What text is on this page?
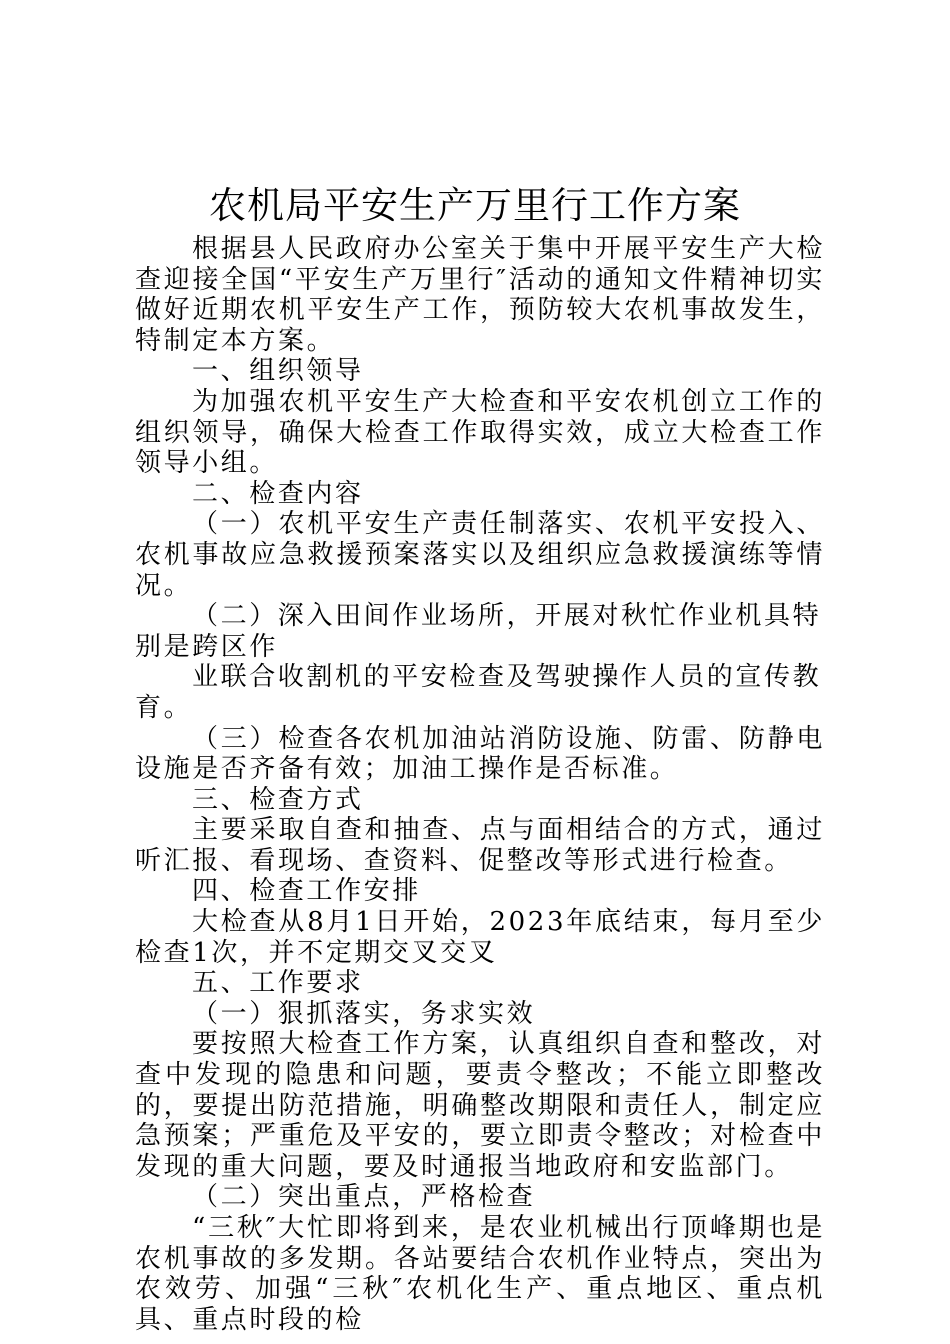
农机局平安生产万里行工作方案

根据县人民政府办公室关于集中开展平安生产大检查迎接全国“平安生产万里行″活动的通知文件精神切实做好近期农机平安生产工作，预防较大农机事故发生，特制定本方案。

一、组织领导

为加强农机平安生产大检查和平安农机创立工作的组织领导，确保大检查工作取得实效，成立大检查工作领导小组。

二、检查内容

（一）农机平安生产责任制落实、农机平安投入、农机事故应急救援预案落实以及组织应急救援演练等情况。

（二）深入田间作业场所，开展对秋忙作业机具特别是跨区作

业联合收割机的平安检查及驾驶操作人员的宣传教育。

（三）检查各农机加油站消防设施、防雷、防静电设施是否齐备有效；加油工操作是否标准。

三、检查方式

主要采取自查和抽查、点与面相结合的方式，通过听汇报、看现场、查资料、促整改等形式进行检查。

四、检查工作安排

大检查从8月1日开始，2023年底结束，每月至少检查1次，并不定期交叉交叉

五、工作要求

（一）狠抓落实，务求实效

要按照大检查工作方案，认真组织自查和整改，对查中发现的隐患和问题，要责令整改；不能立即整改的，要提出防范措施，明确整改期限和责任人，制定应急预案；严重危及平安的，要立即责令整改；对检查中发现的重大问题，要及时通报当地政府和安监部门。

（二）突出重点，严格检查

“三秋″大忙即将到来，是农业机械出行顶峰期也是农机事故的多发期。各站要结合农机作业特点，突出为农效劳、加强“三秋″农机化生产、重点地区、重点机具、重点时段的检
